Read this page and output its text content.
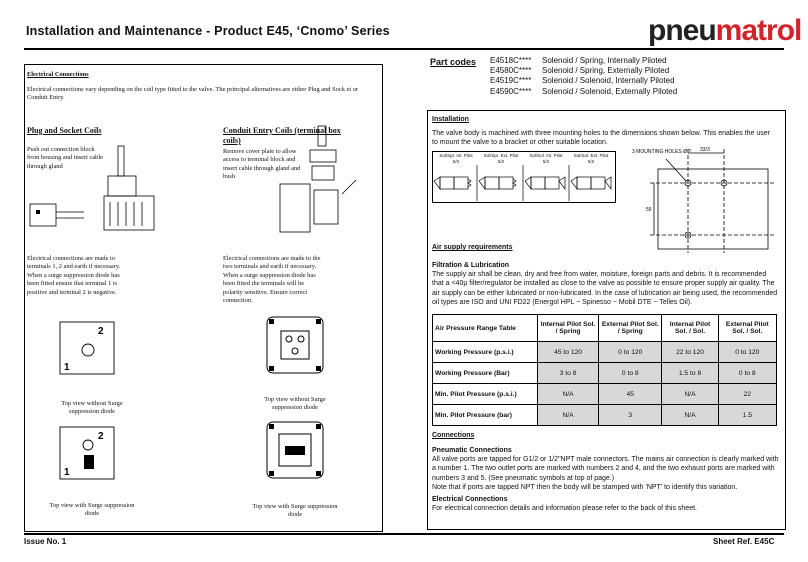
Installation and Maintenance - Product E45, ‘Cnomo’ Series	pneumatrol
Electrical Connections
Electrical connections vary depending on the coil type fitted to the valve. The principal alternatives are either Plug and Sock et or Conduit Entry.
Plug and Socket Coils
Push out connection block from housing and insert cable through gland
Electrical connections are made to terminals 1, 2 and earth if necessary. When a surge suppression diode has been fitted ensure that terminal 1 is positive and terminal 2 is negative.
2
1
Top view without Surge suppression diode
2
1
Top view with Surge suppression diode
Conduit Entry Coils (terminal box coils)
Remove cover plate to allow access to terminal block and insert cable through gland and bush
Electrical connections are made to the two terminals and earth if necessary. When a surge suppression diode has been fitted the terminals will be polarity sensitive. Ensure correct connection.
Top view without Surge suppression diode
Top view with Surge suppression diode
Part codes E4518C**** Solenoid / Spring, Internally Piloted
E4580C**** Solenoid / Spring, Externally Piloted
E4519C**** Solenoid / Solenoid, Internally Piloted
E4590C**** Solenoid / Solenoid, Externally Piloted
Installation
The valve body is machined with three mounting holes to the dimensions shown below. This enables the user to mount the valve to a bracket or other suitable location.
Sol/Spr. Int. Pilot
5/2
Sol/Spr. Ext. Pilot
5/2
Sol/Sol. Int. Pilot
5/2
Sol/Sol. Ext. Pilot
5/2
3 MOUNTING HOLES Ø ? 33/3
55
Air supply requirements
Filtration & Lubrication
The supply air shall be clean, dry and free from water, moisture, foreign parts and debris. It is recommended that a <40μ filter/regulator be installed as close to the valve as possible to ensure proper supply air quality. The air supply can be either lubricated or non-lubricated. In the case of lubrication air being used, the recommended oil types are ISO and UNI FD22 (Energol HPL ~ Spinesso ~ Mobil DTE ~ Telles Oil).
Air Pressure Range Table	Internal Pilot Sol. / Spring	External Pilot Sol. / Spring	Internal Pilot Sol. / Sol.	External Pilot Sol. / Sol.
Working Pressure (p.s.i.)	45 to 120	0 to 120	22 to 120	0 to 120
Working Pressure (Bar)	3 to 8	0 to 8	1.5 to 8	0 to 8
Min. Pilot Pressure (p.s.i.)	N/A	45	N/A	22
Min. Pilot Pressure (bar)	N/A	3	N/A	1.5
Connections
Pneumatic Connections
All valve ports are tapped for G1/2 or 1/2"NPT male connectors. The mains air connection is clearly marked with a number 1. The two outlet ports are marked with numbers 2 and 4, and the two exhaust ports are marked with numbers 3 and 5. (See pneumatic symbols at top of page.)
Note that if ports are tapped NPT then the body will be stamped with 'NPT' to identify this variation.
Electrical Connections
For electrical connection details and information please refer to the back of this sheet.
Issue No. 1	Sheet Ref. E45C
